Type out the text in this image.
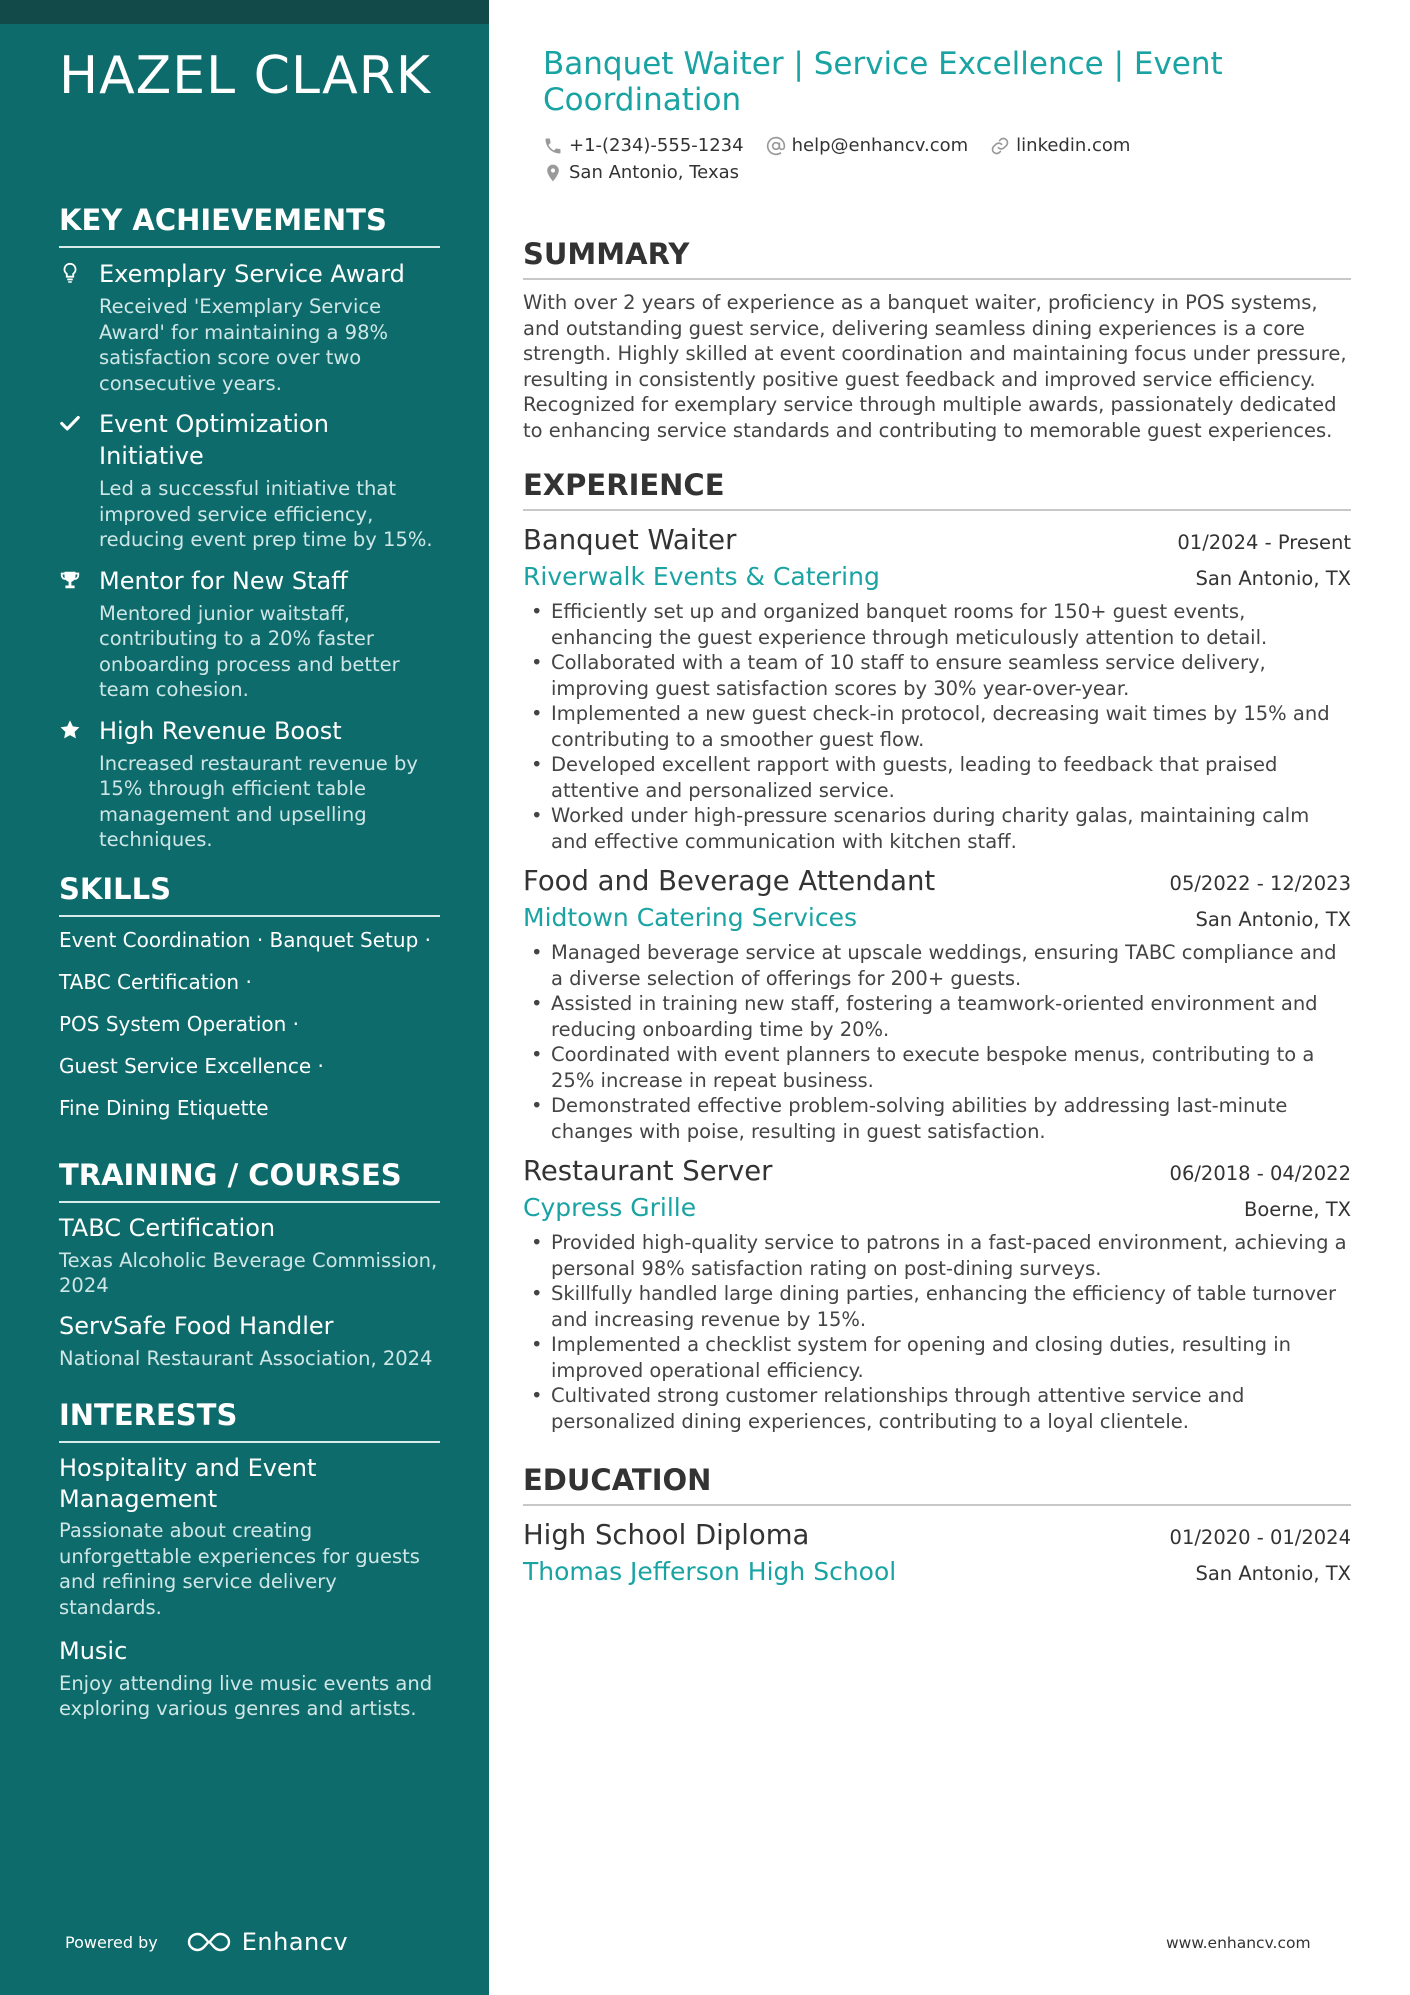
HAZEL CLARK
KEY ACHIEVEMENTS
Exemplary Service Award
Received 'Exemplary Service Award' for maintaining a 98% satisfaction score over two consecutive years.
Event Optimization Initiative
Led a successful initiative that improved service efficiency, reducing event prep time by 15%.
Mentor for New Staff
Mentored junior waitstaff, contributing to a 20% faster onboarding process and better team cohesion.
High Revenue Boost
Increased restaurant revenue by 15% through efficient table management and upselling techniques.
SKILLS
Event Coordination · Banquet Setup ·
TABC Certification ·
POS System Operation ·
Guest Service Excellence ·
Fine Dining Etiquette
TRAINING / COURSES
TABC Certification
Texas Alcoholic Beverage Commission, 2024
ServSafe Food Handler
National Restaurant Association, 2024
INTERESTS
Hospitality and Event Management
Passionate about creating unforgettable experiences for guests and refining service delivery standards.
Music
Enjoy attending live music events and exploring various genres and artists.
Powered by	Enhancv
Banquet Waiter | Service Excellence | Event Coordination
+1-(234)-555-1234	help@enhancv.com	linkedin.com
San Antonio, Texas
SUMMARY

With over 2 years of experience as a banquet waiter, proficiency in POS systems, and outstanding guest service, delivering seamless dining experiences is a core strength. Highly skilled at event coordination and maintaining focus under pressure, resulting in consistently positive guest feedback and improved service efficiency. Recognized for exemplary service through multiple awards, passionately dedicated to enhancing service standards and contributing to memorable guest experiences.

EXPERIENCE
Banquet Waiter	01/2024 - Present
Riverwalk Events & Catering	San Antonio, TX
• Efficiently set up and organized banquet rooms for 150+ guest events, enhancing the guest experience through meticulously attention to detail.
• Collaborated with a team of 10 staff to ensure seamless service delivery, improving guest satisfaction scores by 30% year-over-year.
• Implemented a new guest check-in protocol, decreasing wait times by 15% and contributing to a smoother guest flow.
• Developed excellent rapport with guests, leading to feedback that praised attentive and personalized service.
• Worked under high-pressure scenarios during charity galas, maintaining calm and effective communication with kitchen staff.
Food and Beverage Attendant	05/2022 - 12/2023
Midtown Catering Services	San Antonio, TX
• Managed beverage service at upscale weddings, ensuring TABC compliance and a diverse selection of offerings for 200+ guests.
• Assisted in training new staff, fostering a teamwork-oriented environment and reducing onboarding time by 20%.
• Coordinated with event planners to execute bespoke menus, contributing to a 25% increase in repeat business.
• Demonstrated effective problem-solving abilities by addressing last-minute changes with poise, resulting in guest satisfaction.
Restaurant Server	06/2018 - 04/2022
Cypress Grille	Boerne, TX
• Provided high-quality service to patrons in a fast-paced environment, achieving a personal 98% satisfaction rating on post-dining surveys.
• Skillfully handled large dining parties, enhancing the efficiency of table turnover and increasing revenue by 15%.
• Implemented a checklist system for opening and closing duties, resulting in improved operational efficiency.
• Cultivated strong customer relationships through attentive service and personalized dining experiences, contributing to a loyal clientele.
EDUCATION
High School Diploma	01/2020 - 01/2024
Thomas Jefferson High School	San Antonio, TX
www.enhancv.com
